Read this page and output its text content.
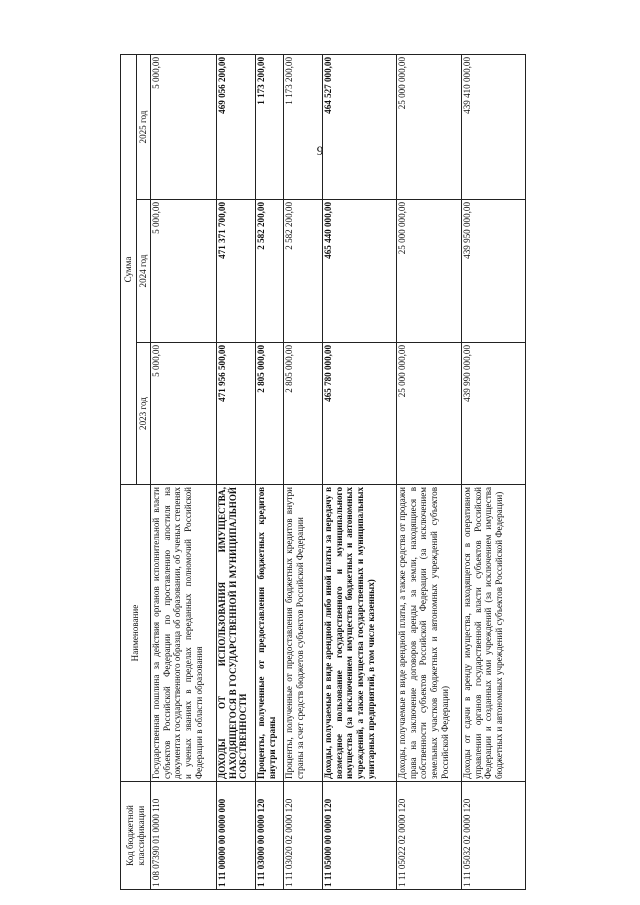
9
Код бюджетной классификации	Наименование	Сумма		
		2023 год	2024 год	2025 год
1 08 07390 01 0000 110	Государственная пошлина за действия органов исполнительной власти субъектов Российской Федерации по проставлению апостиля на документах государственного образца об образовании, об ученых степенях и ученых званиях в пределах переданных полномочий Российской Федерации в области образования	5 000,00	5 000,00	5 000,00
1 11 00000 00 0000 000	ДОХОДЫ ОТ ИСПОЛЬЗОВАНИЯ ИМУЩЕСТВА, НАХОДЯЩЕГОСЯ В ГОСУДАРСТВЕННОЙ И МУНИЦИПАЛЬНОЙ СОБСТВЕННОСТИ	471 956 500,00	471 371 700,00	469 056 200,00
1 11 03000 00 0000 120	Проценты, полученные от предоставления бюджетных кредитов внутри страны	2 805 000,00	2 582 200,00	1 173 200,00
1 11 03020 02 0000 120	Проценты, полученные от предоставления бюджетных кредитов внутри страны за счет средств бюджетов субъектов Российской Федерации	2 805 000,00	2 582 200,00	1 173 200,00
1 11 05000 00 0000 120	Доходы, получаемые в виде арендной либо иной платы за передачу в возмездное пользование государственного и муниципального имущества (за исключением имущества бюджетных и автономных учреждений, а также имущества государственных и муниципальных унитарных предприятий, в том числе казенных)	465 780 000,00	465 440 000,00	464 527 000,00
1 11 05022 02 0000 120	Доходы, получаемые в виде арендной платы, а также средства от продажи права на заключение договоров аренды за земли, находящиеся в собственности субъектов Российской Федерации (за исключением земельных участков бюджетных и автономных учреждений субъектов Российской Федерации)	25 000 000,00	25 000 000,00	25 000 000,00
1 11 05032 02 0000 120	Доходы от сдачи в аренду имущества, находящегося в оперативном управлении органов государственной власти субъектов Российской Федерации и созданных ими учреждений (за исключением имущества бюджетных и автономных учреждений субъектов Российской Федерации)	439 990 000,00	439 950 000,00	439 410 000,00
